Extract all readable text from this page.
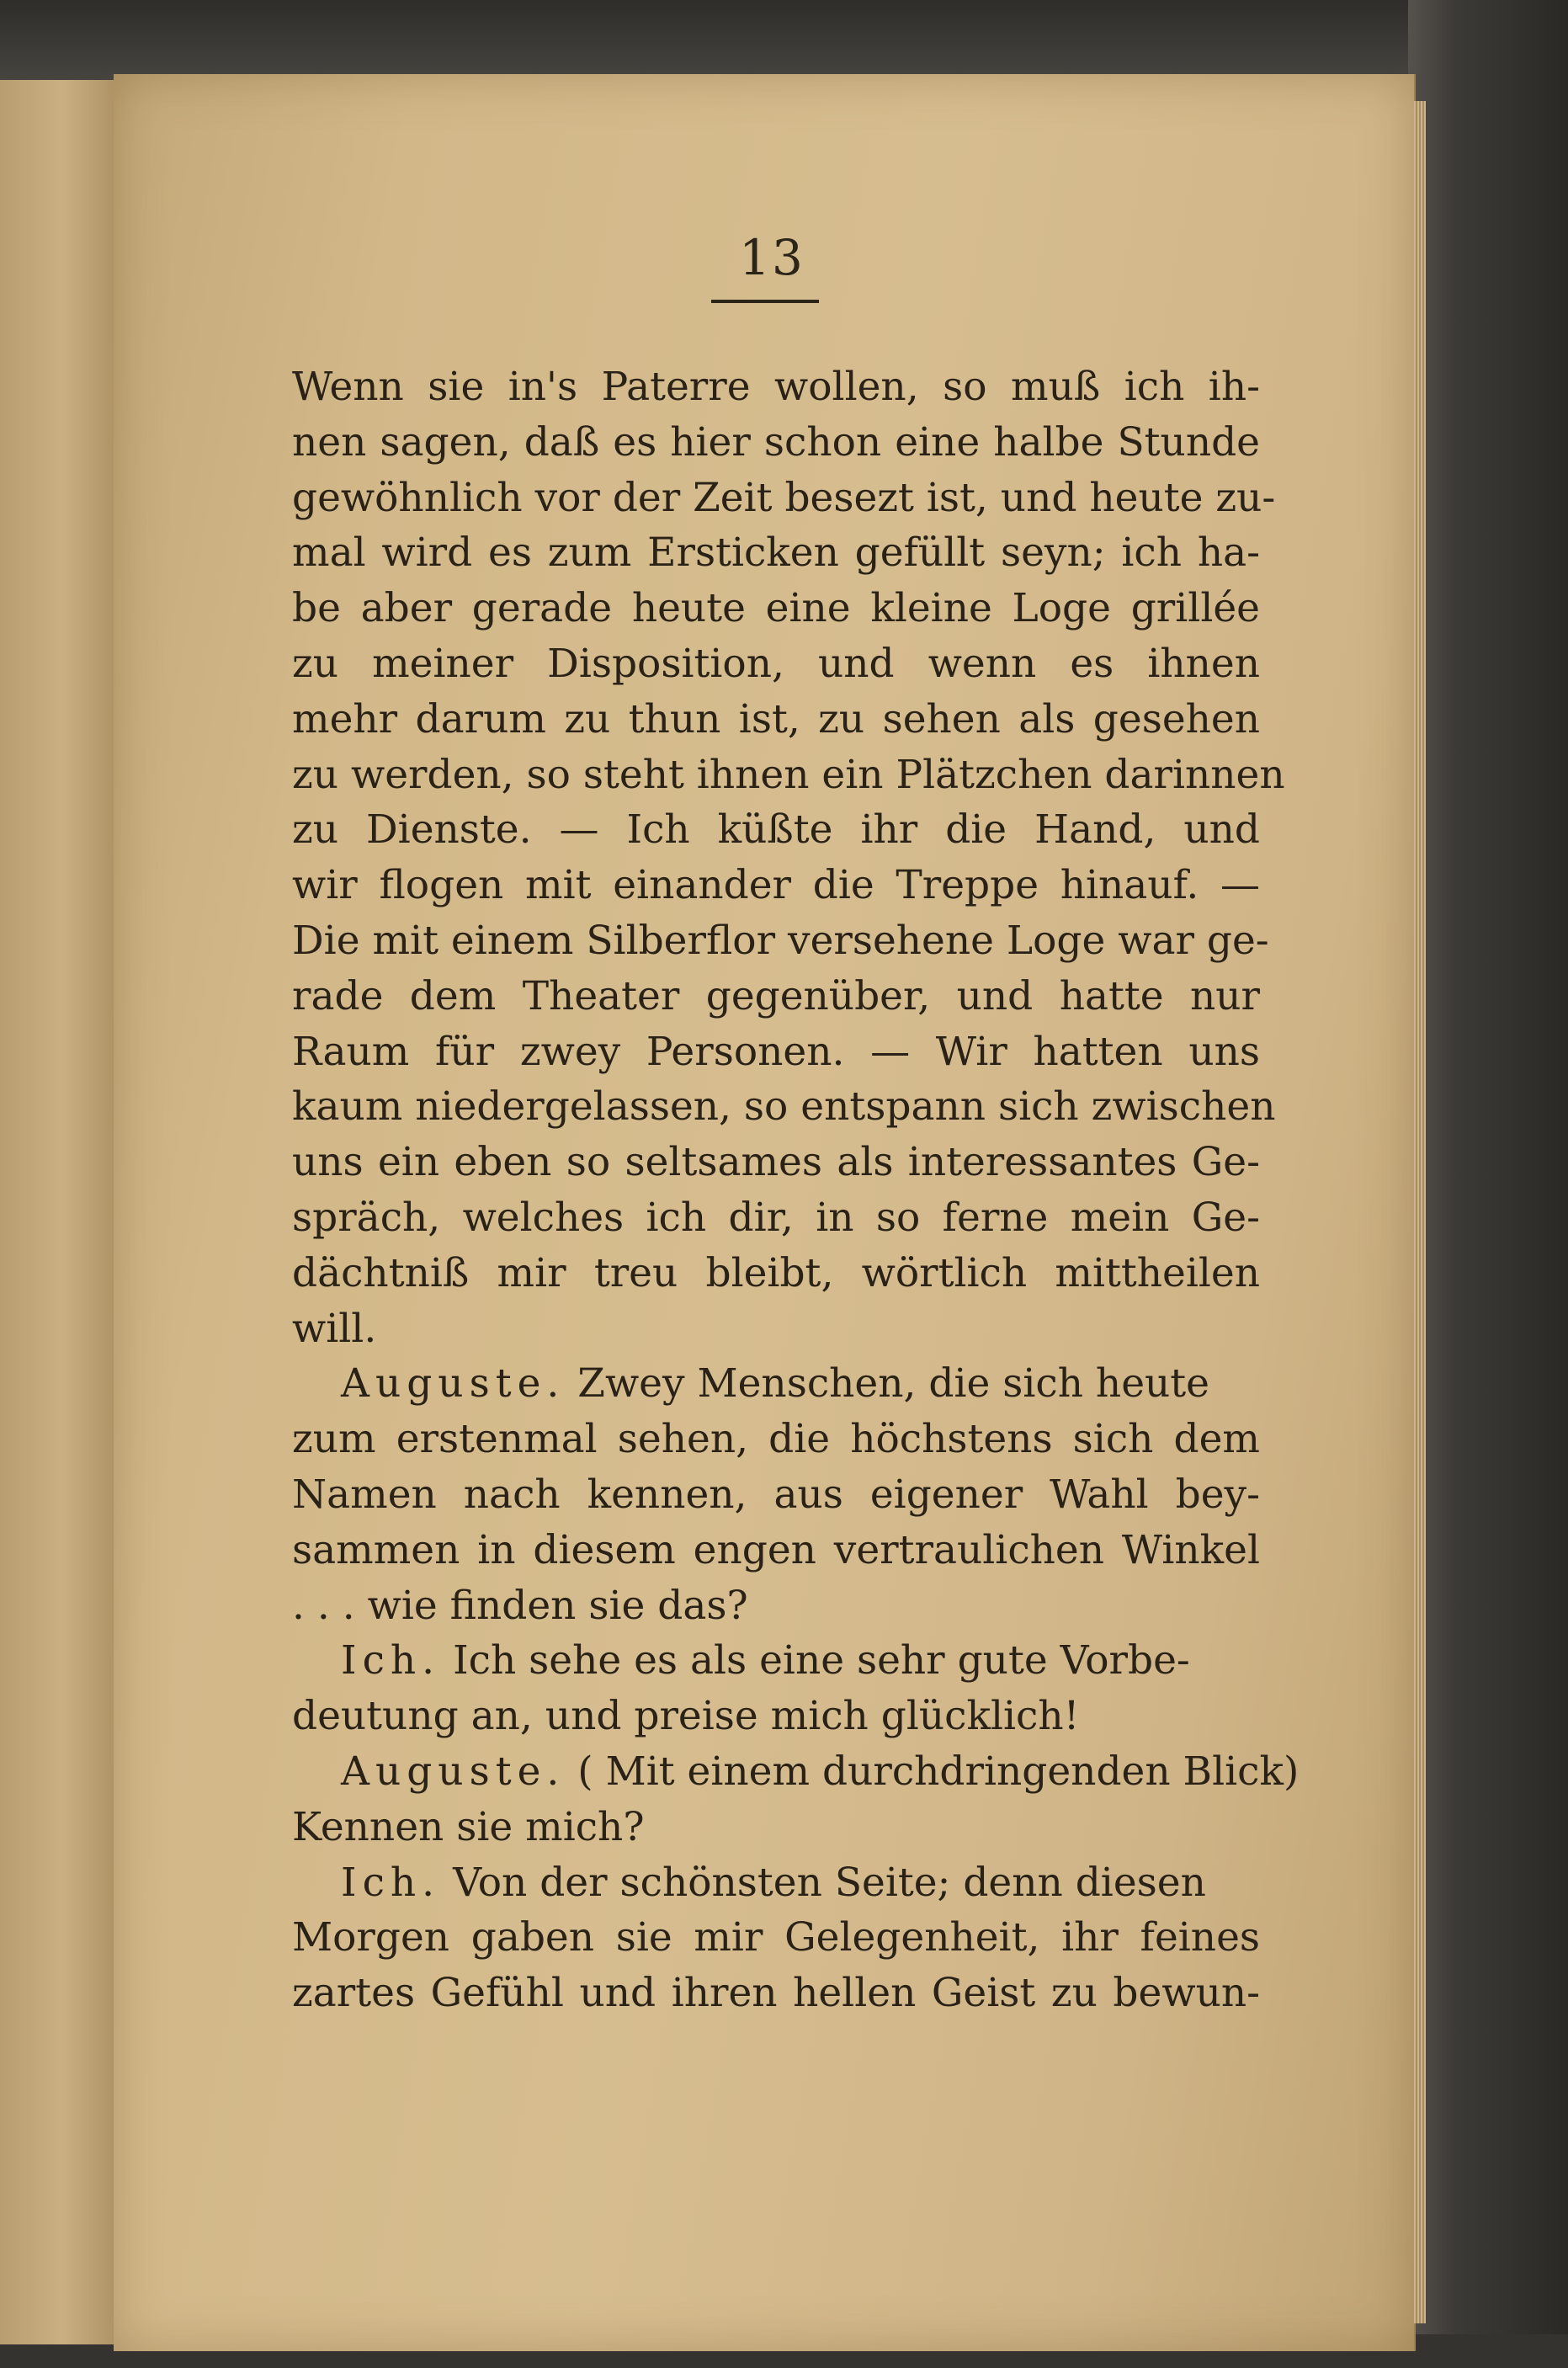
13
Wenn sie in's Paterre wollen, so muß ich ih-
nen sagen, daß es hier schon eine halbe Stunde
gewöhnlich vor der Zeit besezt ist, und heute zu-
mal wird es zum Ersticken gefüllt seyn; ich ha-
be aber gerade heute eine kleine Loge grillée
zu meiner Disposition, und wenn es ihnen
mehr darum zu thun ist, zu sehen als gesehen
zu werden, so steht ihnen ein Plätzchen darinnen
zu Dienste. — Ich küßte ihr die Hand, und
wir flogen mit einander die Treppe hinauf. —
Die mit einem Silberflor versehene Loge war ge-
rade dem Theater gegenüber, und hatte nur
Raum für zwey Personen. — Wir hatten uns
kaum niedergelassen, so entspann sich zwischen
uns ein eben so seltsames als interessantes Ge-
spräch, welches ich dir, in so ferne mein Ge-
dächtniß mir treu bleibt, wörtlich mittheilen
will.
Auguste. Zwey Menschen, die sich heute
zum erstenmal sehen, die höchstens sich dem
Namen nach kennen, aus eigener Wahl bey-
sammen in diesem engen vertraulichen Winkel
. . . wie finden sie das?
Ich. Ich sehe es als eine sehr gute Vorbe-
deutung an, und preise mich glücklich!
Auguste. ( Mit einem durchdringenden Blick)
Kennen sie mich?
Ich. Von der schönsten Seite; denn diesen
Morgen gaben sie mir Gelegenheit, ihr feines
zartes Gefühl und ihren hellen Geist zu bewun-
